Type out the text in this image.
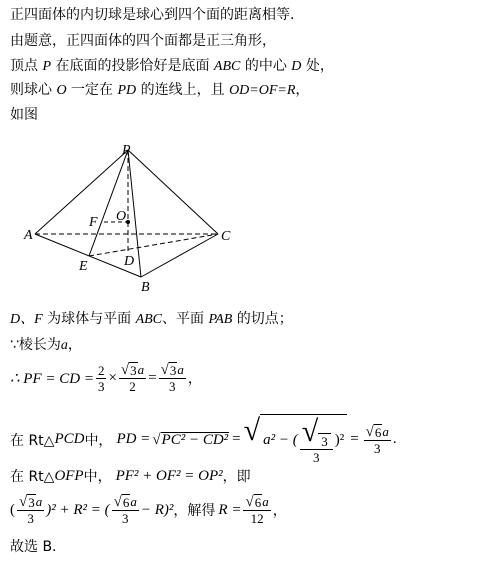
正四面体的内切球是球心到四个面的距离相等.
由题意，正四面体的四个面都是正三角形，
顶点 P 在底面的投影恰好是底面 ABC 的中心 D 处，
则球心 O 一定在 PD 的连线上，且 OD=OF=R，
如图
P
A	C
B
E	D
F O
D、F 为球体与平面 ABC、平面 PAB 的切点；
∵棱长为a，
∴ PF = CD = $\frac{2}{3} \times \frac{√ 3 a}{2} = \frac{√ 3 a}{3}$ ，
在 Rt△ PCD 中， PD = √ PC² − CD² = √ a² − ( $\frac{√ 3}{3} )^2 = \frac{√ 6 a}{3}$ .
在 Rt△ OFP 中， PF² + OF² = OP² ，即
( $\frac{√ 3 a}{3} )^2 + R^2$ = ( $\frac{√ 6 a}{3} - R)^2$ ，解得 $R = \frac{√ 6 a}{12}$ ，
故选 B.
